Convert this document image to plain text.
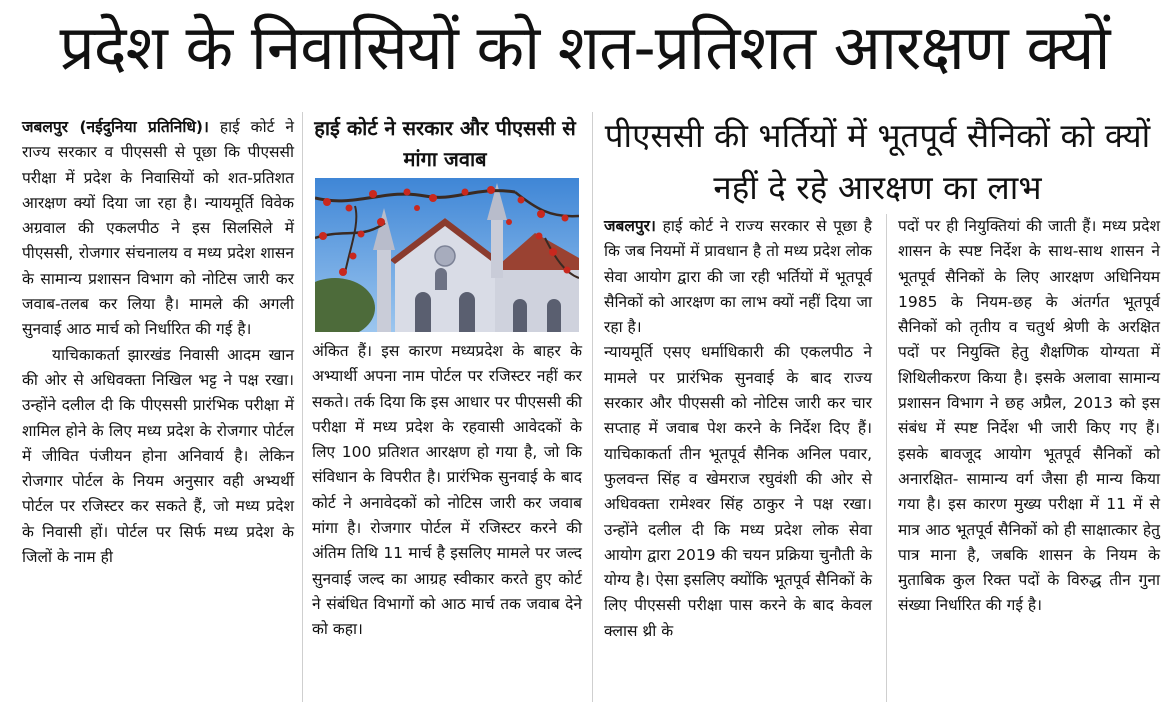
प्रदेश के निवासियों को शत-प्रतिशत आरक्षण क्यों

जबलपुर (नईदुनिया प्रतिनिधि)। हाई कोर्ट ने राज्य सरकार व पीएससी से पूछा कि पीएससी परीक्षा में प्रदेश के निवासियों को शत-प्रतिशत आरक्षण क्यों दिया जा रहा है। न्यायमूर्ति विवेक अग्रवाल की एकलपीठ ने इस सिलसिले में पीएससी, रोजगार संचनालय व मध्य प्रदेश शासन के सामान्य प्रशासन विभाग को नोटिस जारी कर जवाब-तलब कर लिया है। मामले की अगली सुनवाई आठ मार्च को निर्धारित की गई है।

याचिकाकर्ता झारखंड निवासी आदम खान की ओर से अधिवक्ता निखिल भट्ट ने पक्ष रखा। उन्होंने दलील दी कि पीएससी प्रारंभिक परीक्षा में शामिल होने के लिए मध्य प्रदेश के रोजगार पोर्टल में जीवित पंजीयन होना अनिवार्य है। लेकिन रोजगार पोर्टल के नियम अनुसार वही अभ्यर्थी पोर्टल पर रजिस्टर कर सकते हैं, जो मध्य प्रदेश के निवासी हों। पोर्टल पर सिर्फ मध्य प्रदेश के जिलों के नाम ही

हाई कोर्ट ने सरकार और पीएससी से मांगा जवाब

अंकित हैं। इस कारण मध्यप्रदेश के बाहर के अभ्यार्थी अपना नाम पोर्टल पर रजिस्टर नहीं कर सकते। तर्क दिया कि इस आधार पर पीएससी की परीक्षा में मध्य प्रदेश के रहवासी आवेदकों के लिए 100 प्रतिशत आरक्षण हो गया है, जो कि संविधान के विपरीत है। प्रारंभिक सुनवाई के बाद कोर्ट ने अनावेदकों को नोटिस जारी कर जवाब मांगा है। रोजगार पोर्टल में रजिस्टर करने की अंतिम तिथि 11 मार्च है इसलिए मामले पर जल्द सुनवाई जल्द का आग्रह स्वीकार करते हुए कोर्ट ने संबंधित विभागों को आठ मार्च तक जवाब देने को कहा।

पीएससी की भर्तियों में भूतपूर्व सैनिकों को क्यों नहीं दे रहे आरक्षण का लाभ

जबलपुर। हाई कोर्ट ने राज्य सरकार से पूछा है कि जब नियमों में प्रावधान है तो मध्य प्रदेश लोक सेवा आयोग द्वारा की जा रही भर्तियों में भूतपूर्व सैनिकों को आरक्षण का लाभ क्यों नहीं दिया जा रहा है।

न्यायमूर्ति एसए धर्माधिकारी की एकलपीठ ने मामले पर प्रारंभिक सुनवाई के बाद राज्य सरकार और पीएससी को नोटिस जारी कर चार सप्ताह में जवाब पेश करने के निर्देश दिए हैं। याचिकाकर्ता तीन भूतपूर्व सैनिक अनिल पवार, फुलवन्त सिंह व खेमराज रघुवंशी की ओर से अधिवक्ता रामेश्वर सिंह ठाकुर ने पक्ष रखा। उन्होंने दलील दी कि मध्य प्रदेश लोक सेवा आयोग द्वारा 2019 की चयन प्रक्रिया चुनौती के योग्य है। ऐसा इसलिए क्योंकि भूतपूर्व सैनिकों के लिए पीएससी परीक्षा पास करने के बाद केवल क्लास थ्री के

पदों पर ही नियुक्तियां की जाती हैं। मध्य प्रदेश शासन के स्पष्ट निर्देश के साथ-साथ शासन ने भूतपूर्व सैनिकों के लिए आरक्षण अधिनियम 1985 के नियम-छह के अंतर्गत भूतपूर्व सैनिकों को तृतीय व चतुर्थ श्रेणी के अरक्षित पदों पर नियुक्ति हेतु शैक्षणिक योग्यता में शिथिलीकरण किया है। इसके अलावा सामान्य प्रशासन विभाग ने छह अप्रैल, 2013 को इस संबंध में स्पष्ट निर्देश भी जारी किए गए हैं। इसके बावजूद आयोग भूतपूर्व सैनिकों को अनारक्षित- सामान्य वर्ग जैसा ही मान्य किया गया है। इस कारण मुख्य परीक्षा में 11 में से मात्र आठ भूतपूर्व सैनिकों को ही साक्षात्कार हेतु पात्र माना है, जबकि शासन के नियम के मुताबिक कुल रिक्त पदों के विरुद्ध तीन गुना संख्या निर्धारित की गई है।
